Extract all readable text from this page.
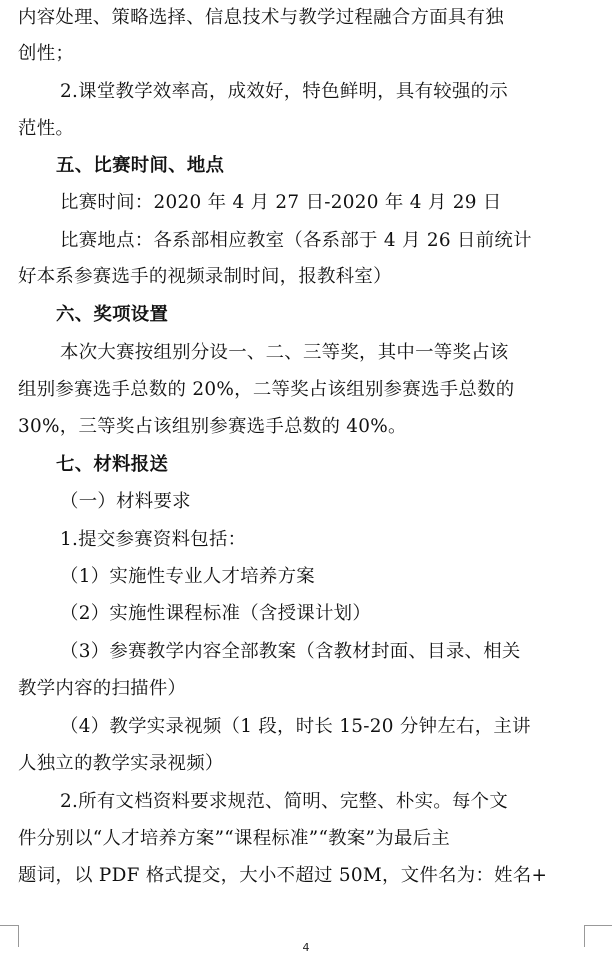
内容处理、策略选择、信息技术与教学过程融合方面具有独
创性；
2.课堂教学效率高，成效好，特色鲜明，具有较强的示
范性。
五、比赛时间、地点
比赛时间：2020 年 4 月 27 日-2020 年 4 月 29 日
比赛地点：各系部相应教室（各系部于 4 月 26 日前统计
好本系参赛选手的视频录制时间，报教科室）
六、奖项设置
本次大赛按组别分设一、二、三等奖，其中一等奖占该
组别参赛选手总数的 20%，二等奖占该组别参赛选手总数的
30%，三等奖占该组别参赛选手总数的 40%。
七、材料报送
（一）材料要求
1.提交参赛资料包括：
（1）实施性专业人才培养方案
（2）实施性课程标准（含授课计划）
（3）参赛教学内容全部教案（含教材封面、目录、相关
教学内容的扫描件）
（4）教学实录视频（1 段，时长 15-20 分钟左右，主讲
人独立的教学实录视频）
2.所有文档资料要求规范、简明、完整、朴实。每个文
件分别以“人才培养方案”“课程标准”“教案”为最后主
题词，以 PDF 格式提交，大小不超过 50M，文件名为：姓名+
4
